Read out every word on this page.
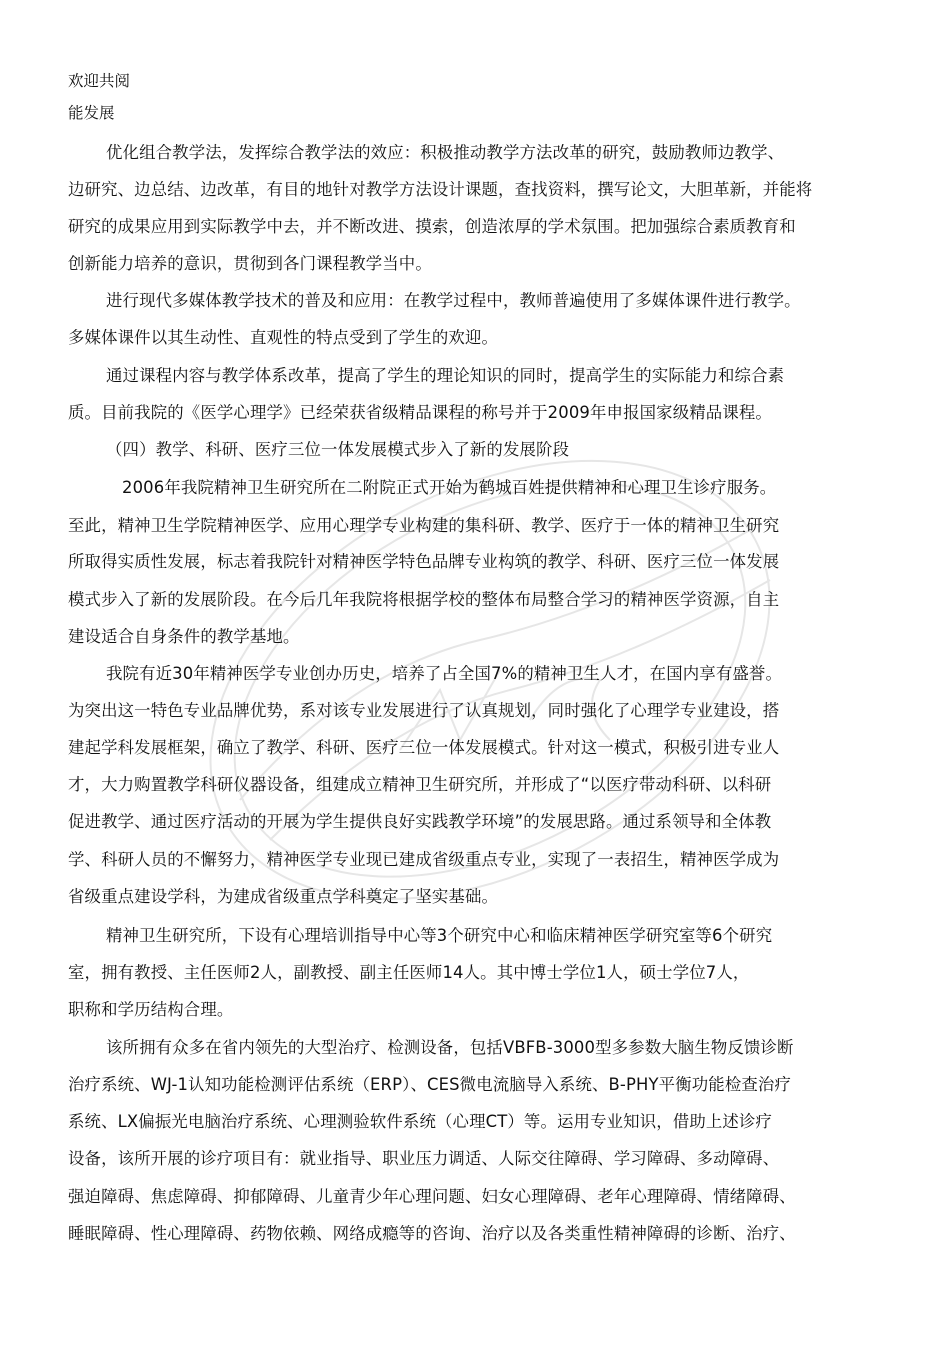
欢迎共阅
能发展
优化组合教学法，发挥综合教学法的效应：积极推动教学方法改革的研究，鼓励教师边教学、
边研究、边总结、边改革，有目的地针对教学方法设计课题，查找资料，撰写论文，大胆革新，并能将
研究的成果应用到实际教学中去，并不断改进、摸索，创造浓厚的学术氛围。把加强综合素质教育和
创新能力培养的意识，贯彻到各门课程教学当中。
进行现代多媒体教学技术的普及和应用：在教学过程中，教师普遍使用了多媒体课件进行教学。
多媒体课件以其生动性、直观性的特点受到了学生的欢迎。
通过课程内容与教学体系改革，提高了学生的理论知识的同时，提高学生的实际能力和综合素
质。目前我院的《医学心理学》已经荣获省级精品课程的称号并于2009年申报国家级精品课程。
（四）教学、科研、医疗三位一体发展模式步入了新的发展阶段
2006年我院精神卫生研究所在二附院正式开始为鹤城百姓提供精神和心理卫生诊疗服务。
至此，精神卫生学院精神医学、应用心理学专业构建的集科研、教学、医疗于一体的精神卫生研究
所取得实质性发展，标志着我院针对精神医学特色品牌专业构筑的教学、科研、医疗三位一体发展
模式步入了新的发展阶段。在今后几年我院将根据学校的整体布局整合学习的精神医学资源，自主
建设适合自身条件的教学基地。
我院有近30年精神医学专业创办历史，培养了占全国7%的精神卫生人才，在国内享有盛誉。
为突出这一特色专业品牌优势，系对该专业发展进行了认真规划，同时强化了心理学专业建设，搭
建起学科发展框架，确立了教学、科研、医疗三位一体发展模式。针对这一模式，积极引进专业人
才，大力购置教学科研仪器设备，组建成立精神卫生研究所，并形成了“以医疗带动科研、以科研
促进教学、通过医疗活动的开展为学生提供良好实践教学环境”的发展思路。通过系领导和全体教
学、科研人员的不懈努力，精神医学专业现已建成省级重点专业，实现了一表招生，精神医学成为
省级重点建设学科，为建成省级重点学科奠定了坚实基础。
精神卫生研究所，下设有心理培训指导中心等3个研究中心和临床精神医学研究室等6个研究
室，拥有教授、主任医师2人，副教授、副主任医师14人。其中博士学位1人，硕士学位7人，
职称和学历结构合理。
该所拥有众多在省内领先的大型治疗、检测设备，包括VBFB-3000型多参数大脑生物反馈诊断
治疗系统、WJ-1认知功能检测评估系统（ERP）、CES微电流脑导入系统、B-PHY平衡功能检查治疗
系统、LX偏振光电脑治疗系统、心理测验软件系统（心理CT）等。运用专业知识，借助上述诊疗
设备，该所开展的诊疗项目有：就业指导、职业压力调适、人际交往障碍、学习障碍、多动障碍、
强迫障碍、焦虑障碍、抑郁障碍、儿童青少年心理问题、妇女心理障碍、老年心理障碍、情绪障碍、
睡眠障碍、性心理障碍、药物依赖、网络成瘾等的咨询、治疗以及各类重性精神障碍的诊断、治疗、
